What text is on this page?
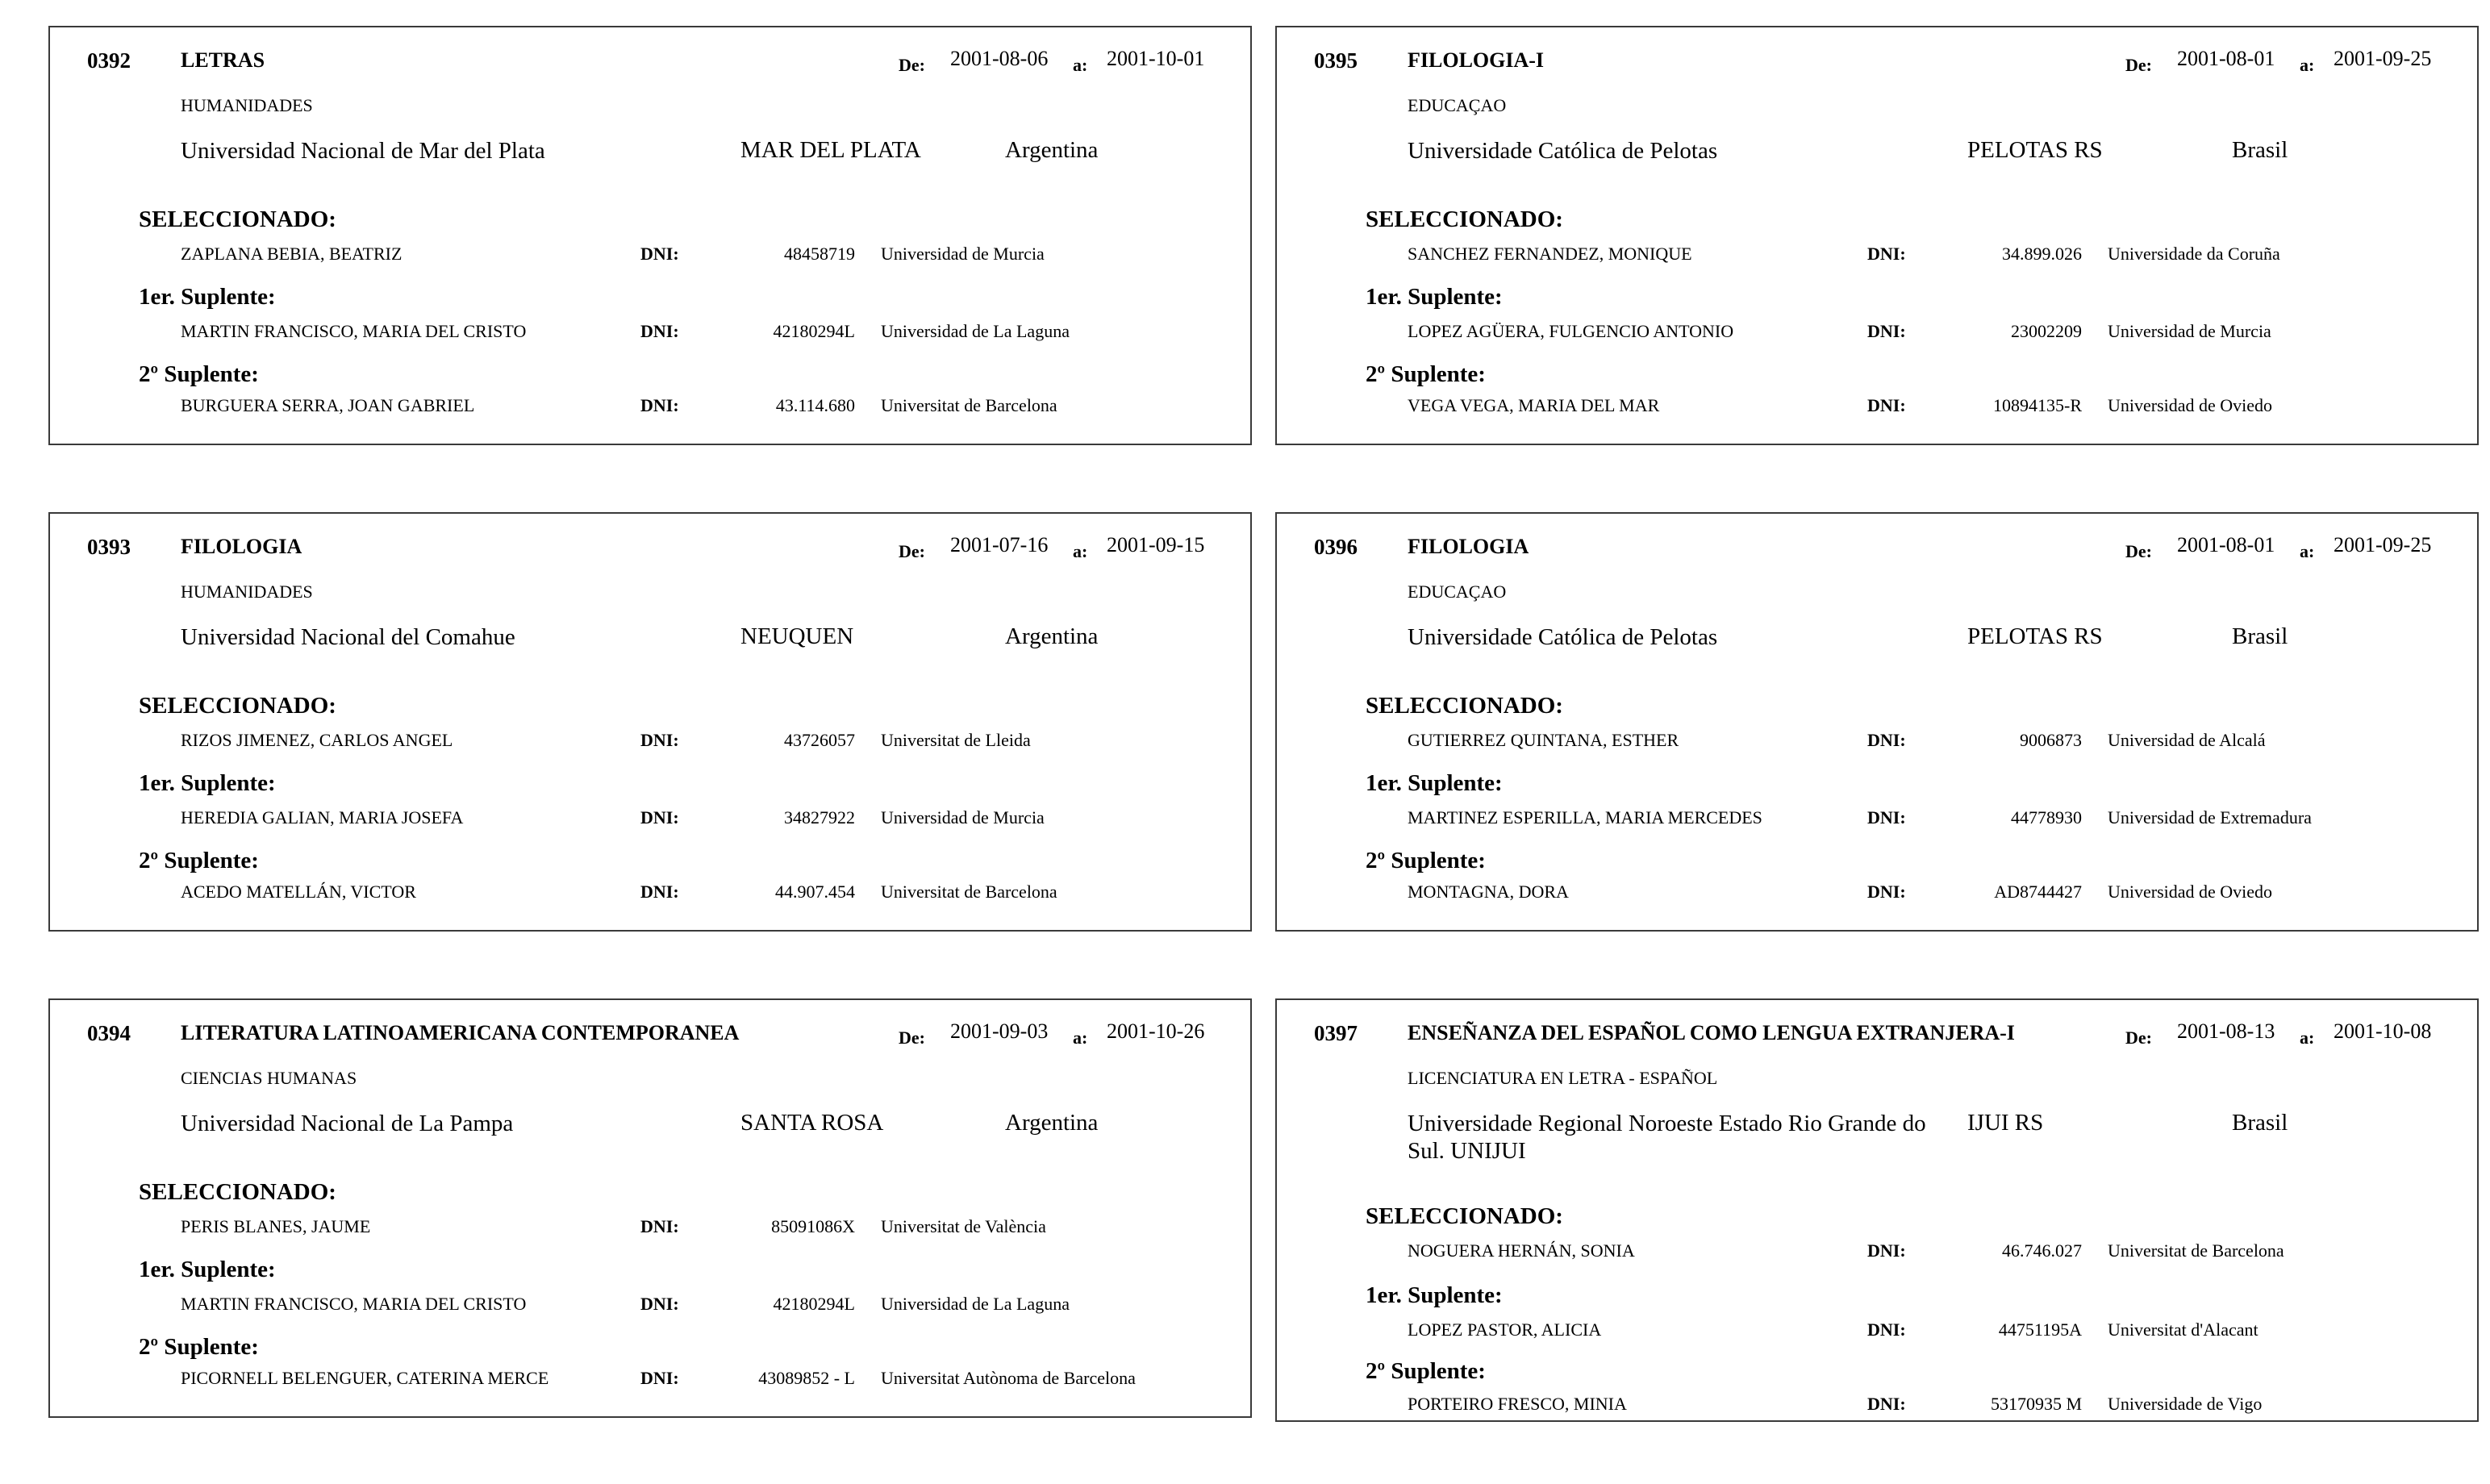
0392 LETRAS	De: 2001-08-06 a: 2001-10-01
HUMANIDADES
Universidad Nacional de Mar del Plata	MAR DEL PLATA	Argentina
SELECCIONADO:
ZAPLANA BEBIA, BEATRIZ	DNI:	48458719 Universidad de Murcia
1er. Suplente:
MARTIN FRANCISCO, MARIA DEL CRISTO	DNI:	42180294L Universidad de La Laguna
2º Suplente:
BURGUERA SERRA, JOAN GABRIEL	DNI:	43.114.680 Universitat de Barcelona
0395 FILOLOGIA-I	De: 2001-08-01 a: 2001-09-25
EDUCAÇAO
Universidade Católica de Pelotas	PELOTAS RS	Brasil
SELECCIONADO:
SANCHEZ FERNANDEZ, MONIQUE	DNI:	34.899.026 Universidade da Coruña
1er. Suplente:
LOPEZ AGÜERA, FULGENCIO ANTONIO	DNI:	23002209 Universidad de Murcia
2º Suplente:
VEGA VEGA, MARIA DEL MAR	DNI:	10894135-R Universidad de Oviedo
0393 FILOLOGIA	De: 2001-07-16 a: 2001-09-15
HUMANIDADES
Universidad Nacional del Comahue	NEUQUEN	Argentina
SELECCIONADO:
RIZOS JIMENEZ, CARLOS ANGEL	DNI:	43726057 Universitat de Lleida
1er. Suplente:
HEREDIA GALIAN, MARIA JOSEFA	DNI:	34827922 Universidad de Murcia
2º Suplente:
ACEDO MATELLÁN, VICTOR	DNI:	44.907.454 Universitat de Barcelona
0396 FILOLOGIA	De: 2001-08-01 a: 2001-09-25
EDUCAÇAO
Universidade Católica de Pelotas	PELOTAS RS	Brasil
SELECCIONADO:
GUTIERREZ QUINTANA, ESTHER	DNI:	9006873 Universidad de Alcalá
1er. Suplente:
MARTINEZ ESPERILLA, MARIA MERCEDES	DNI:	44778930 Universidad de Extremadura
2º Suplente:
MONTAGNA, DORA	DNI:	AD8744427 Universidad de Oviedo
0394 LITERATURA LATINOAMERICANA CONTEMPORANEA	De: 2001-09-03 a: 2001-10-26
CIENCIAS HUMANAS
Universidad Nacional de La Pampa	SANTA ROSA	Argentina
SELECCIONADO:
PERIS BLANES, JAUME	DNI:	85091086X Universitat de València
1er. Suplente:
MARTIN FRANCISCO, MARIA DEL CRISTO	DNI:	42180294L Universidad de La Laguna
2º Suplente:
PICORNELL BELENGUER, CATERINA MERCE	DNI:	43089852 - L Universitat Autònoma de Barcelona
0397 ENSEÑANZA DEL ESPAÑOL COMO LENGUA EXTRANJERA-I	De: 2001-08-13 a: 2001-10-08
LICENCIATURA EN LETRA - ESPAÑOL
Universidade Regional Noroeste Estado Rio Grande do Sul. UNIJUI
IJUI RS	Brasil
SELECCIONADO:
NOGUERA HERNÁN, SONIA	DNI:	46.746.027 Universitat de Barcelona
1er. Suplente:
LOPEZ PASTOR, ALICIA	DNI:	44751195A Universitat d'Alacant
2º Suplente:
PORTEIRO FRESCO, MINIA	DNI:	53170935 M Universidade de Vigo
